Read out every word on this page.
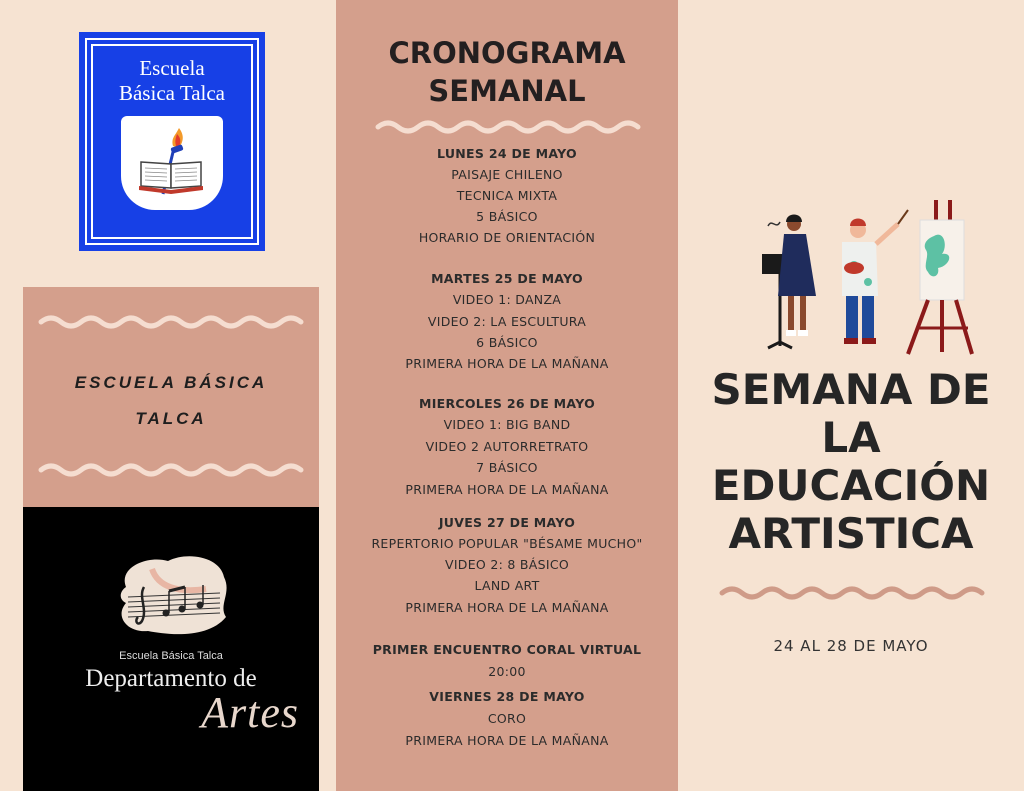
Escuela
Básica Talca
ESCUELA BÁSICA
TALCA
Escuela Básica Talca
Departamento de
Artes
CRONOGRAMA
SEMANAL
LUNES 24 DE MAYO
PAISAJE CHILENO
TECNICA MIXTA
5 BÁSICO
HORARIO DE ORIENTACIÓN
MARTES 25 DE MAYO
VIDEO 1: DANZA
VIDEO 2: LA ESCULTURA
6 BÁSICO
PRIMERA HORA DE LA MAÑANA
MIERCOLES 26 DE MAYO
VIDEO 1: BIG BAND
VIDEO 2 AUTORRETRATO
7 BÁSICO
PRIMERA HORA DE LA MAÑANA
JUVES 27 DE MAYO
REPERTORIO POPULAR "BÉSAME MUCHO"
VIDEO 2: 8 BÁSICO
LAND ART
PRIMERA HORA DE LA MAÑANA
PRIMER ENCUENTRO CORAL VIRTUAL
20:00
VIERNES 28 DE MAYO
CORO
PRIMERA HORA DE LA MAÑANA
SEMANA DE
LA
EDUCACIÓN
ARTISTICA
24 AL 28 DE MAYO
